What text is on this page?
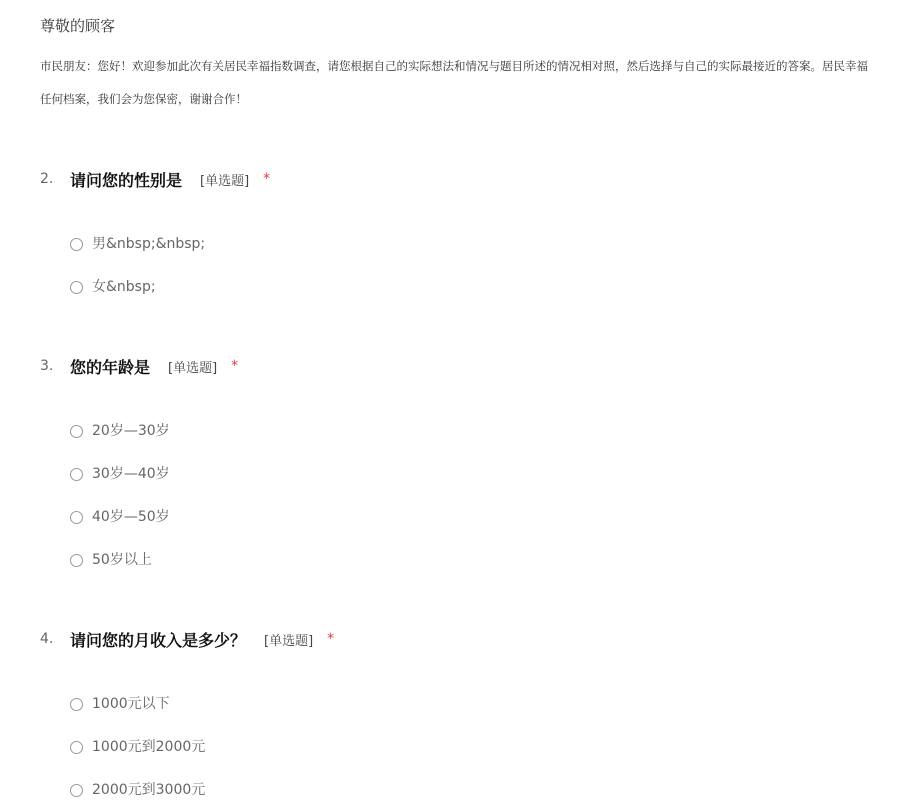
尊敬的顾客
市民朋友：您好！欢迎参加此次有关居民幸福指数调查，请您根据自己的实际想法和情况与题目所述的情况相对照，然后选择与自己的实际最接近的答案。居民幸福
任何档案，我们会为您保密，谢谢合作！
2.	请问您的性别是 [单选题] *
男&nbsp;&nbsp;
女&nbsp;
3.	您的年龄是 [单选题] *
20岁—30岁
30岁—40岁
40岁—50岁
50岁以上
4.	请问您的月收入是多少？ [单选题] *
1000元以下
1000元到2000元
2000元到3000元
